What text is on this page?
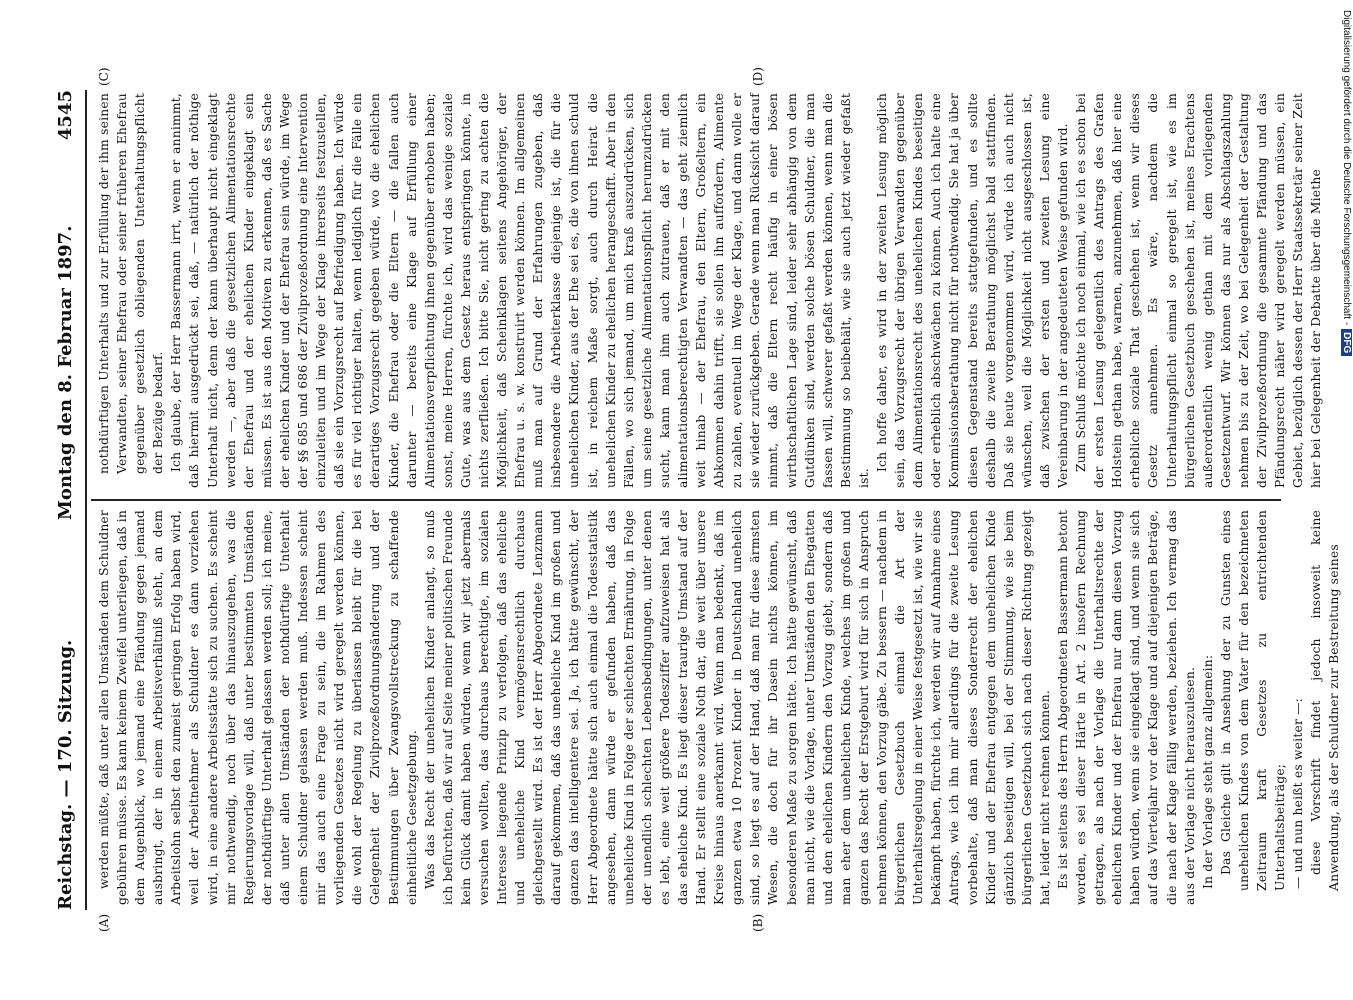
Reichstag. — 170. Sitzung.
Montag den 8. Februar 1897.
4545
(A)	(B)
(C)	(D)

werden müßte, daß unter allen Umständen dem Schuldner gebühren müsse. Es kann keinem Zweifel unterliegen, daß in dem Augenblick, wo jemand eine Pfändung gegen jemand ausbringt, der in einem Arbeitsverhältniß steht, an dem Arbeitslohn selbst den zumeist geringen Erfolg haben wird, weil der Arbeitnehmer als Schuldner es dann vorziehen wird, in eine andere Arbeitsstätte sich zu suchen. Es scheint mir nothwendig, noch über das hinauszugehen, was die Regierungsvorlage will, daß unter bestimmten Umständen der nothdürftige Unterhalt gelassen werden soll; ich meine, daß unter allen Umständen der nothdürftige Unterhalt einem Schuldner gelassen werden muß. Indessen scheint mir das auch eine Frage zu sein, die im Rahmen des vorliegenden Gesetzes nicht wird geregelt werden können, die wohl der Regelung zu überlassen bleibt für die bei Gelegenheit der Zivilprozeßordnungsänderung und der Bestimmungen über Zwangsvollstreckung zu schaffende einheitliche Gesetzgebung. Was das Recht der unehelichen Kinder anlangt, so muß ich befürchten, daß wir auf Seite meiner politischen Freunde kein Glück damit haben würden, wenn wir jetzt abermals versuchen wollten, das durchaus berechtigte, im sozialen Interesse liegende Prinzip zu verfolgen, daß das eheliche und uneheliche Kind vermögensrechtlich durchaus gleichgestellt wird. Es ist der Herr Abgeordnete Lenzmann darauf gekommen, daß das uneheliche Kind im großen und ganzen das intelligentere sei. Ja, ich hätte gewünscht, der Herr Abgeordnete hätte sich auch einmal die Todesstatistik angesehen, dann würde er gefunden haben, daß das uneheliche Kind in Folge der schlechten Ernährung, in Folge der unendlich schlechten Lebensbedingungen, unter denen es lebt, eine weit größere Todesziffer aufzuweisen hat als das eheliche Kind. Es liegt dieser traurige Umstand auf der Hand. Er stellt eine soziale Noth dar, die weit über unsere Kreise hinaus anerkannt wird. Wenn man bedenkt, daß im ganzen etwa 10 Prozent Kinder in Deutschland unehelich sind, so liegt es auf der Hand, daß man für diese ärmsten Wesen, die doch für ihr Dasein nichts können, im besonderen Maße zu sorgen hätte. Ich hätte gewünscht, daß man nicht, wie die Vorlage, unter Umständen den Ehegatten und den ehelichen Kindern den Vorzug giebt, sondern daß man eher dem unehelichen Kinde, welches im großen und ganzen das Recht der Erstgeburt wird für sich in Anspruch nehmen können, den Vorzug gäbe. Zu bessern — nachdem in bürgerlichen Gesetzbuch einmal die Art der Unterhaltsregelung in einer Weise festgesetzt ist, wie wir sie bekämpft haben, fürchte ich, werden wir auf Annahme eines Antrags, wie ich ihn mir allerdings für die zweite Lesung vorbehalte, daß man dieses Sonderrecht der ehelichen Kinder und der Ehefrau entgegen dem unehelichen Kinde gänzlich beseitigen will, bei der Stimmung, wie sie beim bürgerlichen Gesetzbuch sich nach dieser Richtung gezeigt hat, leider nicht rechnen können. Es ist seitens des Herrn Abgeordneten Bassermann betont worden, es sei dieser Härte in Art. 2 insofern Rechnung getragen, als nach der Vorlage die Unterhaltsrechte der ehelichen Kinder und der Ehefrau nur dann diesen Vorzug haben würden, wenn sie eingeklagt sind, und wenn sie sich auf das Vierteljahr vor der Klage und auf diejenigen Beträge, die nach der Klage fällig werden, beziehen. Ich vermag das aus der Vorlage nicht herauszulesen. In der Vorlage steht ganz allgemein: Das Gleiche gilt in Ansehung der zu Gunsten eines unehelichen Kindes von dem Vater für den bezeichneten Zeitraum kraft Gesetzes zu entrichtenden Unterhaltsbeiträge; — und nun heißt es weiter —: diese Vorschrift findet jedoch insoweit keine Anwendung, als der Schuldner zur Bestreitung seines

nothdürftigen Unterhalts und zur Erfüllung der ihm seinen Verwandten, seiner Ehefrau oder seiner früheren Ehefrau gegenüber gesetzlich obliegenden Unterhaltungspflicht der Bezüge bedarf. Ich glaube, der Herr Bassermann irrt, wenn er annimmt, daß hiermit ausgedrückt sei, daß, — natürlich der nöthige Unterhalt nicht, denn der kann überhaupt nicht eingeklagt werden —, aber daß die gesetzlichen Alimentationsrechte der Ehefrau und der ehelichen Kinder eingeklagt sein müssen. Es ist aus den Motiven zu erkennen, daß es Sache der ehelichen Kinder und der Ehefrau sein würde, im Wege der §§ 685 und 686 der Zivilprozeßordnung eine Intervention einzuleiten und im Wege der Klage ihrerseits festzustellen, daß sie ein Vorzugsrecht auf Befriedigung haben. Ich würde es für viel richtiger halten, wenn lediglich für die Fälle ein derartiges Vorzugsrecht gegeben würde, wo die ehelichen Kinder, die Ehefrau oder die Eltern — die fallen auch darunter — bereits eine Klage auf Erfüllung einer Alimentationsverpflichtung ihnen gegenüber erhoben haben; sonst, meine Herren, fürchte ich, wird das wenige soziale Gute, was aus dem Gesetz heraus entspringen könnte, in nichts zerfließen. Ich bitte Sie, nicht gering zu achten die Möglichkeit, daß Scheinklagen seitens Angehöriger, der Ehefrau u. s. w. konstruirt werden können. Im allgemeinen muß man auf Grund der Erfahrungen zugeben, daß insbesondere die Arbeiterklasse diejenige ist, die für die unehelichen Kinder, aus der Ehe sei es, die von ihnen schuld ist, in reichem Maße sorgt, auch durch Heirat die unehelichen Kinder zu ehelichen herangeschafft. Aber in den Fällen, wo sich jemand, um mich kraß auszudrücken, sich um seine gesetzliche Alimentationspflicht herumzudrücken sucht, kann man ihm auch zutrauen, daß er mit den alimentationsberechtigten Verwandten — das geht ziemlich weit hinab — der Ehefrau, den Eltern, Großeltern, ein Abkommen dahin trifft, sie sollen ihn auffordern, Alimente zu zahlen, eventuell im Wege der Klage, und dann wolle er sie wieder zurückgeben. Gerade wenn man Rücksicht darauf nimmt, daß die Eltern recht häufig in einer bösen wirthschaftlichen Lage sind, leider sehr abhängig von dem Gutdünken sind, werden solche bösen Schuldner, die man fassen will, schwerer gefaßt werden können, wenn man die Bestimmung so beibehält, wie sie auch jetzt wieder gefaßt ist.

Ich hoffe daher, es wird in der zweiten Lesung möglich sein, das Vorzugsrecht der übrigen Verwandten gegenüber dem Alimentationsrecht des unehelichen Kindes beseitigen oder erheblich abschwächen zu können. Auch ich halte eine Kommissionsberathung nicht für nothwendig. Sie hat ja über diesen Gegenstand bereits stattgefunden, und es sollte deshalb die zweite Berathung möglichst bald stattfinden. Daß sie heute vorgenommen wird, würde ich auch nicht wünschen, weil die Möglichkeit nicht ausgeschlossen ist, daß zwischen der ersten und zweiten Lesung eine Vereinbarung in der angedeuteten Weise gefunden wird. Zum Schluß möchte ich noch einmal, wie ich es schon bei der ersten Lesung gelegentlich des Antrags des Grafen Holstein gethan habe, warnen, anzunehmen, daß hier eine erhebliche soziale That geschehen ist, wenn wir dieses Gesetz annehmen. Es wäre, nachdem die Unterhaltungspflicht einmal so geregelt ist, wie es im bürgerlichen Gesetzbuch geschehen ist, meines Erachtens außerordentlich wenig gethan mit dem vorliegenden Gesetzentwurf. Wir können das nur als Abschlagszahlung nehmen bis zu der Zeit, wo bei Gelegenheit der Gestaltung der Zivilprozeßordnung die gesammte Pfändung und das Pfändungsrecht näher wird geregelt werden müssen, ein Gebiet, bezüglich dessen der Herr Staatssekretär seiner Zeit hier bei Gelegenheit der Debatte über die Miethe

Digitalisierung gefördert durch die Deutsche Forschungsgemeinschaft -DFG
